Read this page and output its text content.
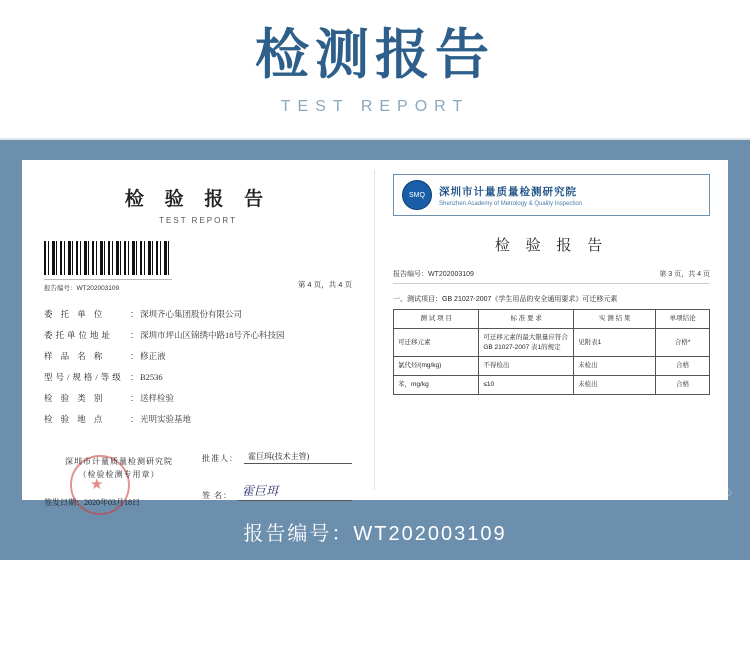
检测报告
TEST REPORT
检 验 报 告
TEST REPORT
报告编号：WT202003109	第 4 页，共 4 页
委 托 单 位	： 深圳齐心集团股份有限公司
委托单位地址	： 深圳市坪山区锦绣中路18号齐心科技园
样 品 名 称	： 修正液
型号/规格/等级 ： B2536
检 验 类 别	： 送样检验
检 验 地 点	： 光明实验基地
★
深圳市计量质量检测研究院
（检验检测专用章）
签发日期：2020年03月18日
批准人：	霍巨珥(技术主管)
签 名： 霍巨珥
SMQ	深圳市计量质量检测研究院
Shenzhen Academy of Metrology & Quality Inspection
检 验 报 告
报告编号：WT202003109	第 3 页，共 4 页
一、测试项目：GB 21027-2007《学生用品的安全通用要求》可迁移元素
测 试 项 目	标 准 要 求	实 测 结 果	单项结论
可迁移元素	可迁移元素的最大限量应符合GB 21027-2007 表1的规定	见附表1	合格*
氯代烃/(mg/kg)	不得检出	未检出	合格
苯，mg/kg	≤10	未检出	合格
Comix 齐心
报告编号：WT202003109
